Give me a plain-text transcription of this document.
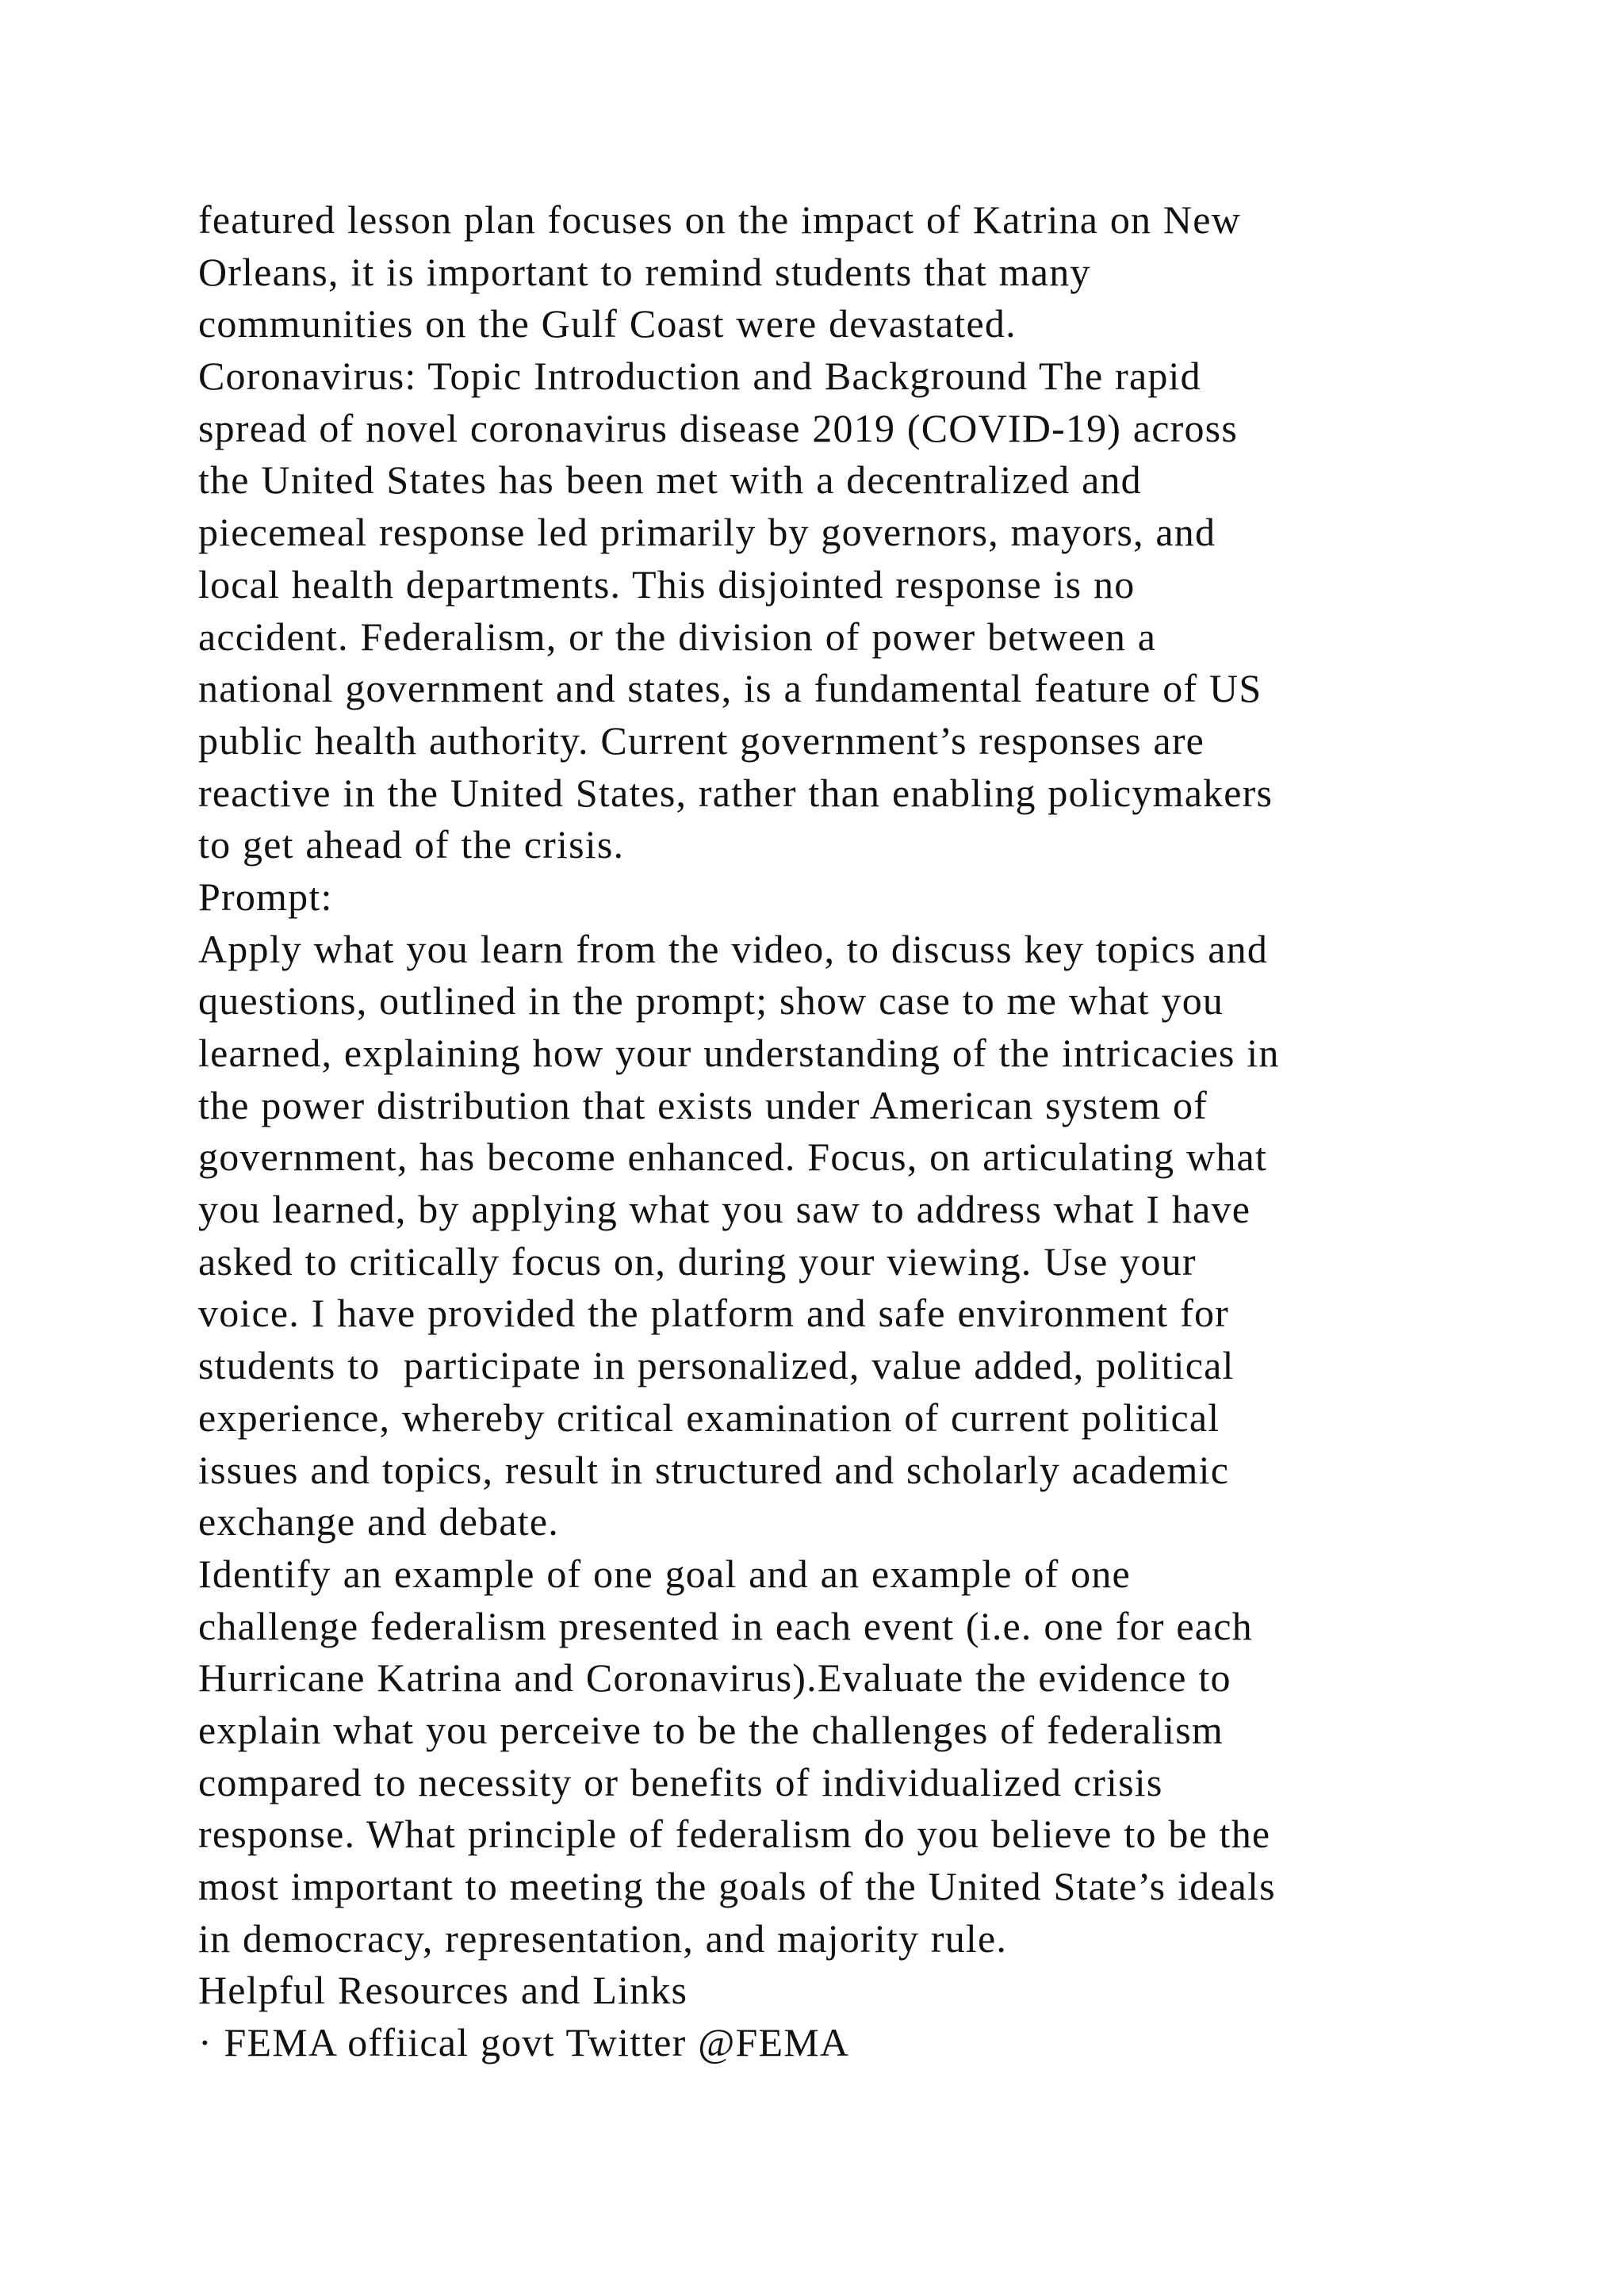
featured lesson plan focuses on the impact of Katrina on New
Orleans, it is important to remind students that many
communities on the Gulf Coast were devastated.
Coronavirus: Topic Introduction and Background The rapid
spread of novel coronavirus disease 2019 (COVID-19) across
the United States has been met with a decentralized and
piecemeal response led primarily by governors, mayors, and
local health departments. This disjointed response is no
accident. Federalism, or the division of power between a
national government and states, is a fundamental feature of US
public health authority. Current government’s responses are
reactive in the United States, rather than enabling policymakers
to get ahead of the crisis.
Prompt:
Apply what you learn from the video, to discuss key topics and
questions, outlined in the prompt; show case to me what you
learned, explaining how your understanding of the intricacies in
the power distribution that exists under American system of
government, has become enhanced. Focus, on articulating what
you learned, by applying what you saw to address what I have
asked to critically focus on, during your viewing. Use your
voice. I have provided the platform and safe environment for
students to  participate in personalized, value added, political
experience, whereby critical examination of current political
issues and topics, result in structured and scholarly academic
exchange and debate.
Identify an example of one goal and an example of one
challenge federalism presented in each event (i.e. one for each
Hurricane Katrina and Coronavirus).Evaluate the evidence to
explain what you perceive to be the challenges of federalism
compared to necessity or benefits of individualized crisis
response. What principle of federalism do you believe to be the
most important to meeting the goals of the United State’s ideals
in democracy, representation, and majority rule.
Helpful Resources and Links
· FEMA offiical govt Twitter @FEMA
